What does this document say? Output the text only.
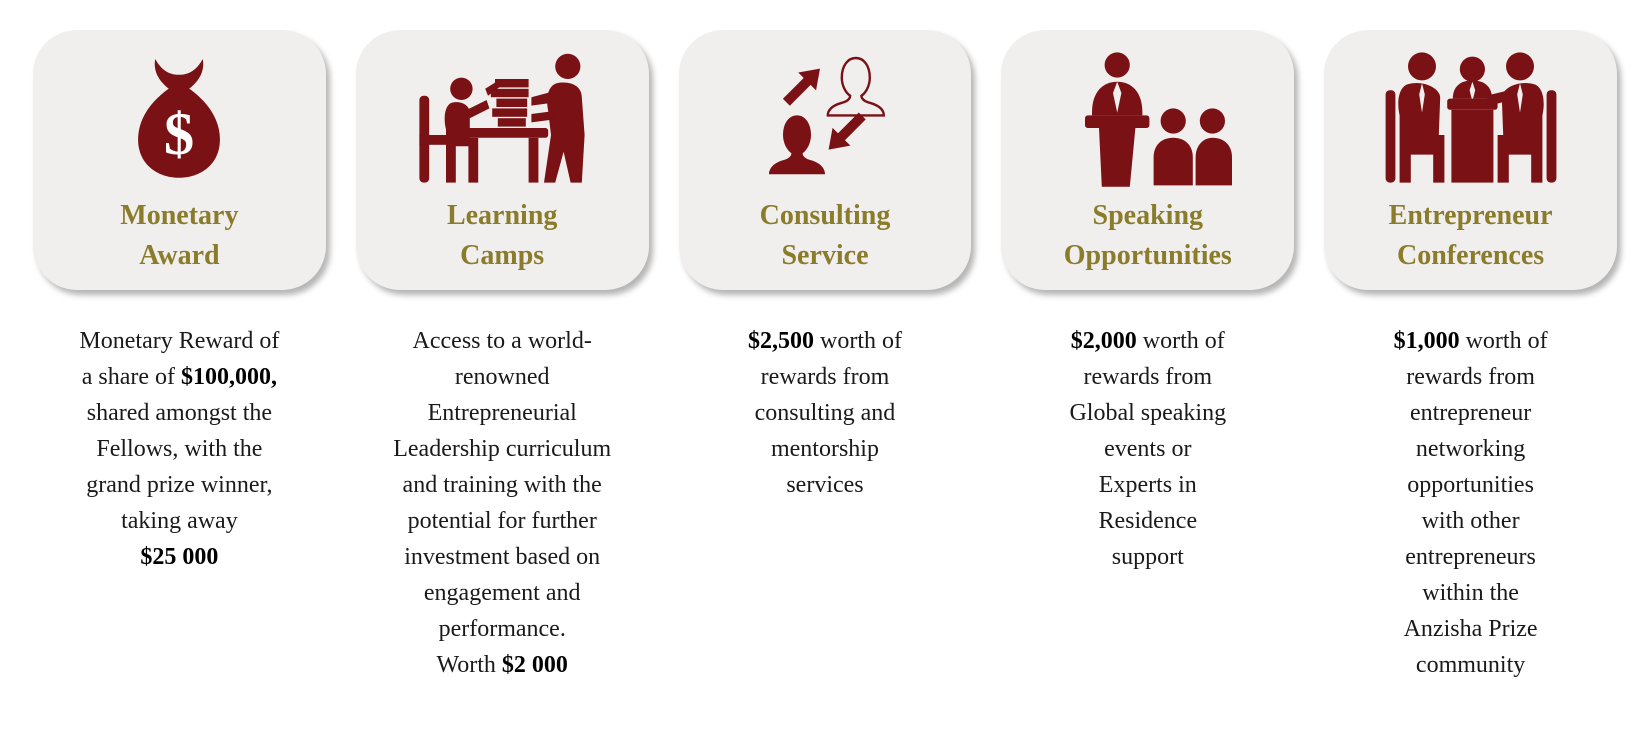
$
Monetary
Award
Monetary Reward of
a share of $100,000,
shared amongst the
Fellows, with the
grand prize winner,
taking away
$25 000
Learning
Camps
Access to a world-
renowned
Entrepreneurial
Leadership curriculum
and training with the
potential for further
investment based on
engagement and
performance.
Worth $2 000
Consulting
Service
$2,500 worth of
rewards from
consulting and
mentorship
services
Speaking
Opportunities
$2,000 worth of
rewards from
Global speaking
events or
Experts in
Residence
support
Entrepreneur
Conferences
$1,000 worth of
rewards from
entrepreneur
networking
opportunities
with other
entrepreneurs
within the
Anzisha Prize
community
